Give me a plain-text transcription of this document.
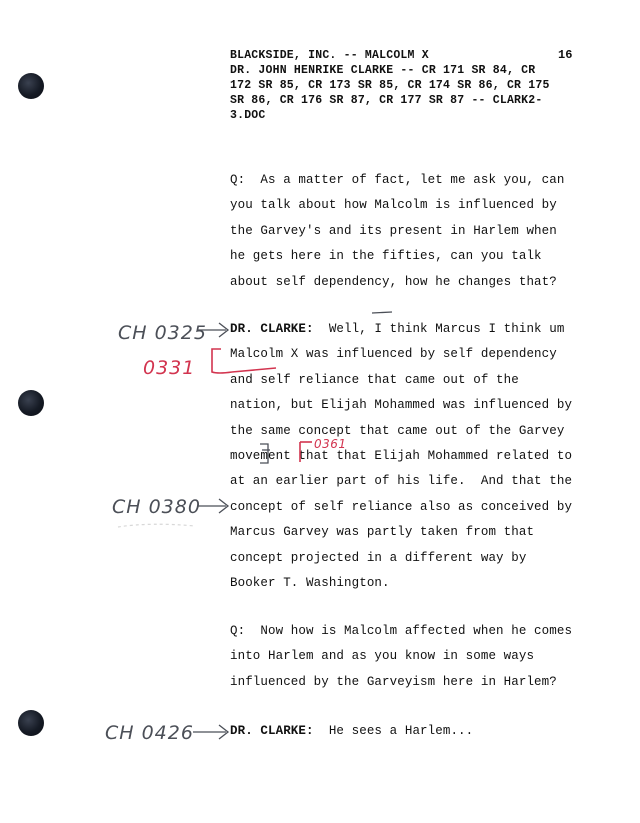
BLACKSIDE, INC. -- MALCOLM X
DR. JOHN HENRIKE CLARKE -- CR 171 SR 84, CR
172 SR 85, CR 173 SR 85, CR 174 SR 86, CR 175
SR 86, CR 176 SR 87, CR 177 SR 87 -- CLARK2-
3.DOC
16
Q:  As a matter of fact, let me ask you, can
you talk about how Malcolm is influenced by
the Garvey's and its present in Harlem when
he gets here in the fifties, can you talk
about self dependency, how he changes that?
DR. CLARKE:  Well, I think Marcus I think um
Malcolm X was influenced by self dependency
and self reliance that came out of the
nation, but Elijah Mohammed was influenced by
the same concept that came out of the Garvey
movement that that Elijah Mohammed related to
at an earlier part of his life.  And that the
concept of self reliance also as conceived by
Marcus Garvey was partly taken from that
concept projected in a different way by
Booker T. Washington.
Q:  Now how is Malcolm affected when he comes
into Harlem and as you know in some ways
influenced by the Garveyism here in Harlem?
DR. CLARKE:  He sees a Harlem...
CH 0325
0331
0361
CH 0380
CH 0426
